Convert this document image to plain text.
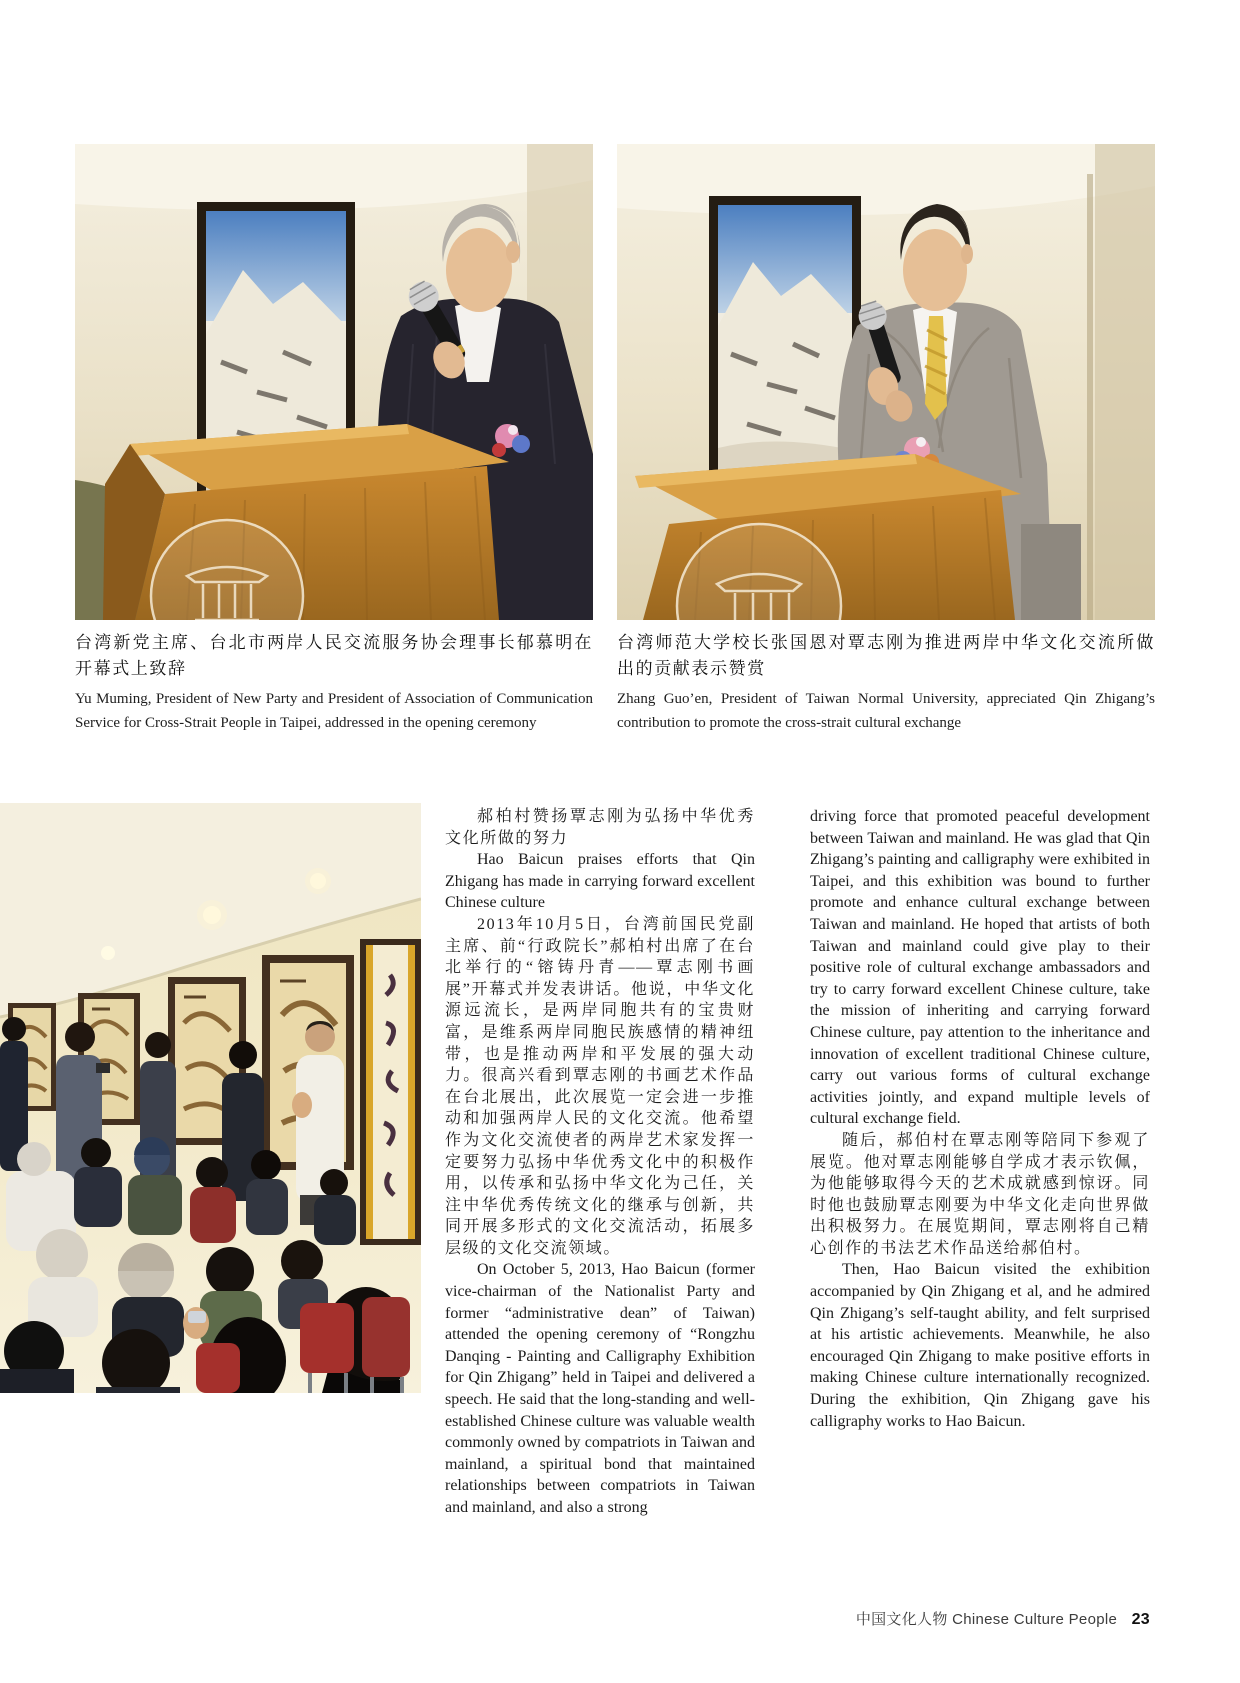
台湾新党主席、台北市两岸人民交流服务协会理事长郁慕明在开幕式上致辞
Yu Muming, President of New Party and President of Association of Communication Service for Cross-Strait People in Taipei, addressed in the opening ceremony
台湾师范大学校长张国恩对覃志刚为推进两岸中华文化交流所做出的贡献表示赞赏
Zhang Guo’en, President of Taiwan Normal University, appreciated Qin Zhigang’s contribution to promote the cross-strait cultural exchange

郝柏村赞扬覃志刚为弘扬中华优秀文化所做的努力

Hao Baicun praises efforts that Qin Zhigang has made in carrying forward excellent Chinese culture

2013年10月5日，台湾前国民党副主席、前“行政院长”郝柏村出席了在台北举行的“镕铸丹青——覃志刚书画展”开幕式并发表讲话。他说，中华文化源远流长，是两岸同胞共有的宝贵财富，是维系两岸同胞民族感情的精神纽带，也是推动两岸和平发展的强大动力。很高兴看到覃志刚的书画艺术作品在台北展出，此次展览一定会进一步推动和加强两岸人民的文化交流。他希望作为文化交流使者的两岸艺术家发挥一定要努力弘扬中华优秀文化中的积极作用，以传承和弘扬中华文化为己任，关注中华优秀传统文化的继承与创新，共同开展多形式的文化交流活动，拓展多层级的文化交流领域。

On October 5, 2013, Hao Baicun (former vice-chairman of the Nationalist Party and former “administrative dean” of Taiwan) attended the opening ceremony of “Rongzhu Danqing - Painting and Calligraphy Exhibition for Qin Zhigang” held in Taipei and delivered a speech. He said that the long-standing and well-established Chinese culture was valuable wealth commonly owned by compatriots in Taiwan and mainland, a spiritual bond that maintained relationships between compatriots in Taiwan and mainland, and also a strong

driving force that promoted peaceful development between Taiwan and mainland. He was glad that Qin Zhigang’s painting and calligraphy were exhibited in Taipei, and this exhibition was bound to further promote and enhance cultural exchange between Taiwan and mainland. He hoped that artists of both Taiwan and mainland could give play to their positive role of cultural exchange ambassadors and try to carry forward excellent Chinese culture, take the mission of inheriting and carrying forward Chinese culture, pay attention to the inheritance and innovation of excellent traditional Chinese culture, carry out various forms of cultural exchange activities jointly, and expand multiple levels of cultural exchange field.

随后，郝伯村在覃志刚等陪同下参观了展览。他对覃志刚能够自学成才表示钦佩，为他能够取得今天的艺术成就感到惊讶。同时他也鼓励覃志刚要为中华文化走向世界做出积极努力。在展览期间，覃志刚将自己精心创作的书法艺术作品送给郝伯村。

Then, Hao Baicun visited the exhibition accompanied by Qin Zhigang et al, and he admired Qin Zhigang’s self-taught ability, and felt surprised at his artistic achievements. Meanwhile, he also encouraged Qin Zhigang to make positive efforts in making Chinese culture internationally recognized. During the exhibition, Qin Zhigang gave his calligraphy works to Hao Baicun.

中国文化人物 Chinese Culture People 23
